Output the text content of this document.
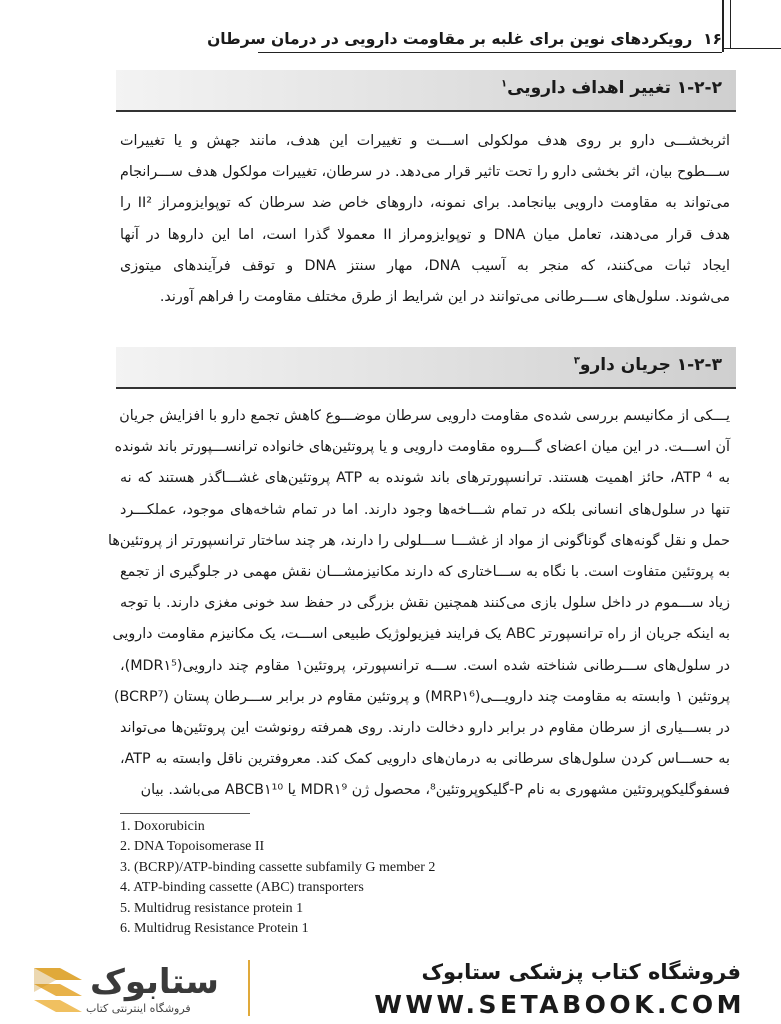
۱۶  رویکردهای نوین برای غلبه بر مقاومت دارویی در درمان سرطان
۱-۲-۲ تغییر اهداف دارویی$^۱$
اثربخشـــی دارو بر روی هدف مولکولی اســـت و تغییرات این هدف، مانند جهش و یا تغییرات
ســـطوح بیان، اثر بخشی دارو را تحت تاثیر قرار می‌دهد. در سرطان، تغییرات مولکول هدف ســـرانجام
می‌تواند به مقاومت دارویی بیانجامد. برای نمونه، داروهای خاص ضد سرطان که توپوایزومراز II² را
هدف قرار می‌دهند، تعامل میان DNA و توپوایزومراز II معمولا گذرا است، اما این داروها در آنها
ایجاد ثبات می‌کنند، که منجر به آسیب DNA، مهار سنتز DNA و توقف فرآیندهای میتوزی
می‌شوند. سلول‌های ســـرطانی می‌توانند در این شرایط از طرق مختلف مقاومت را فراهم آورند.
۱-۲-۳ جریان دارو$^۳$
یـــکی از مکانیسم بررسی شده‌ی مقاومت دارویی سرطان موضـــوع کاهش تجمع دارو با افزایش جریان
آن اســـت. در این میان اعضای گـــروه مقاومت دارویی و یا پروتئین‌های خانواده ترانســـپورتر باند شونده
به ATP ⁴، حائز اهمیت هستند. ترانسپورترهای باند شونده به ATP پروتئین‌های غشـــاگذر هستند که نه
تنها در سلول‌های انسانی بلکه در تمام شـــاخه‌ها وجود دارند. اما در تمام شاخه‌های موجود، عملکـــرد
حمل و نقل گونه‌های گوناگونی از مواد از غشـــا ســـلولی را دارند، هر چند ساختار ترانسپورتر از پروتئین‌ها
به پروتئین متفاوت است. با نگاه به ســـاختاری که دارند مکانیزمشـــان نقش مهمی در جلوگیری از تجمع
زیاد ســـموم در داخل سلول بازی می‌کنند همچنین نقش بزرگی در حفظ سد خونی مغزی دارند. با توجه
به اینکه جریان از راه ترانسپورتر ABC یک فرایند فیزیولوژیک طبیعی اســـت، یک مکانیزم مقاومت دارویی
در سلول‌های ســـرطانی شناخته شده است. ســـه ترانسپورتر، پروتئین۱ مقاوم چند دارویی(MDR۱⁵)،
پروتئین ۱ وابسته به مقاومت چند دارویـــی(MRP۱⁶) و پروتئین مقاوم در برابر ســـرطان پستان (BCRP⁷)
در بســـیاری از سرطان مقاوم در برابر دارو دخالت دارند. روی همرفته رونوشت این پروتئین‌ها می‌تواند
به حســـاس کردن سلول‌های سرطانی به درمان‌های دارویی کمک کند. معروفترین ناقل وابسته به ATP،
فسفوگلیکوپروتئین مشهوری به نام P-گلیکوپروتئین⁸، محصول ژن MDR۱⁹ یا ABCB۱¹⁰ می‌باشد. بیان
1. Doxorubicin
2. DNA Topoisomerase II
3. (BCRP)/ATP-binding cassette subfamily G member 2
4. ATP-binding cassette (ABC) transporters
5. Multidrug resistance protein 1
6. Multidrug Resistance Protein 1
ستابوک
فروشگاه اینترنتی کتاب
فروشگاه کتاب پزشکی ستابوک
WWW.SETABOOK.COM
